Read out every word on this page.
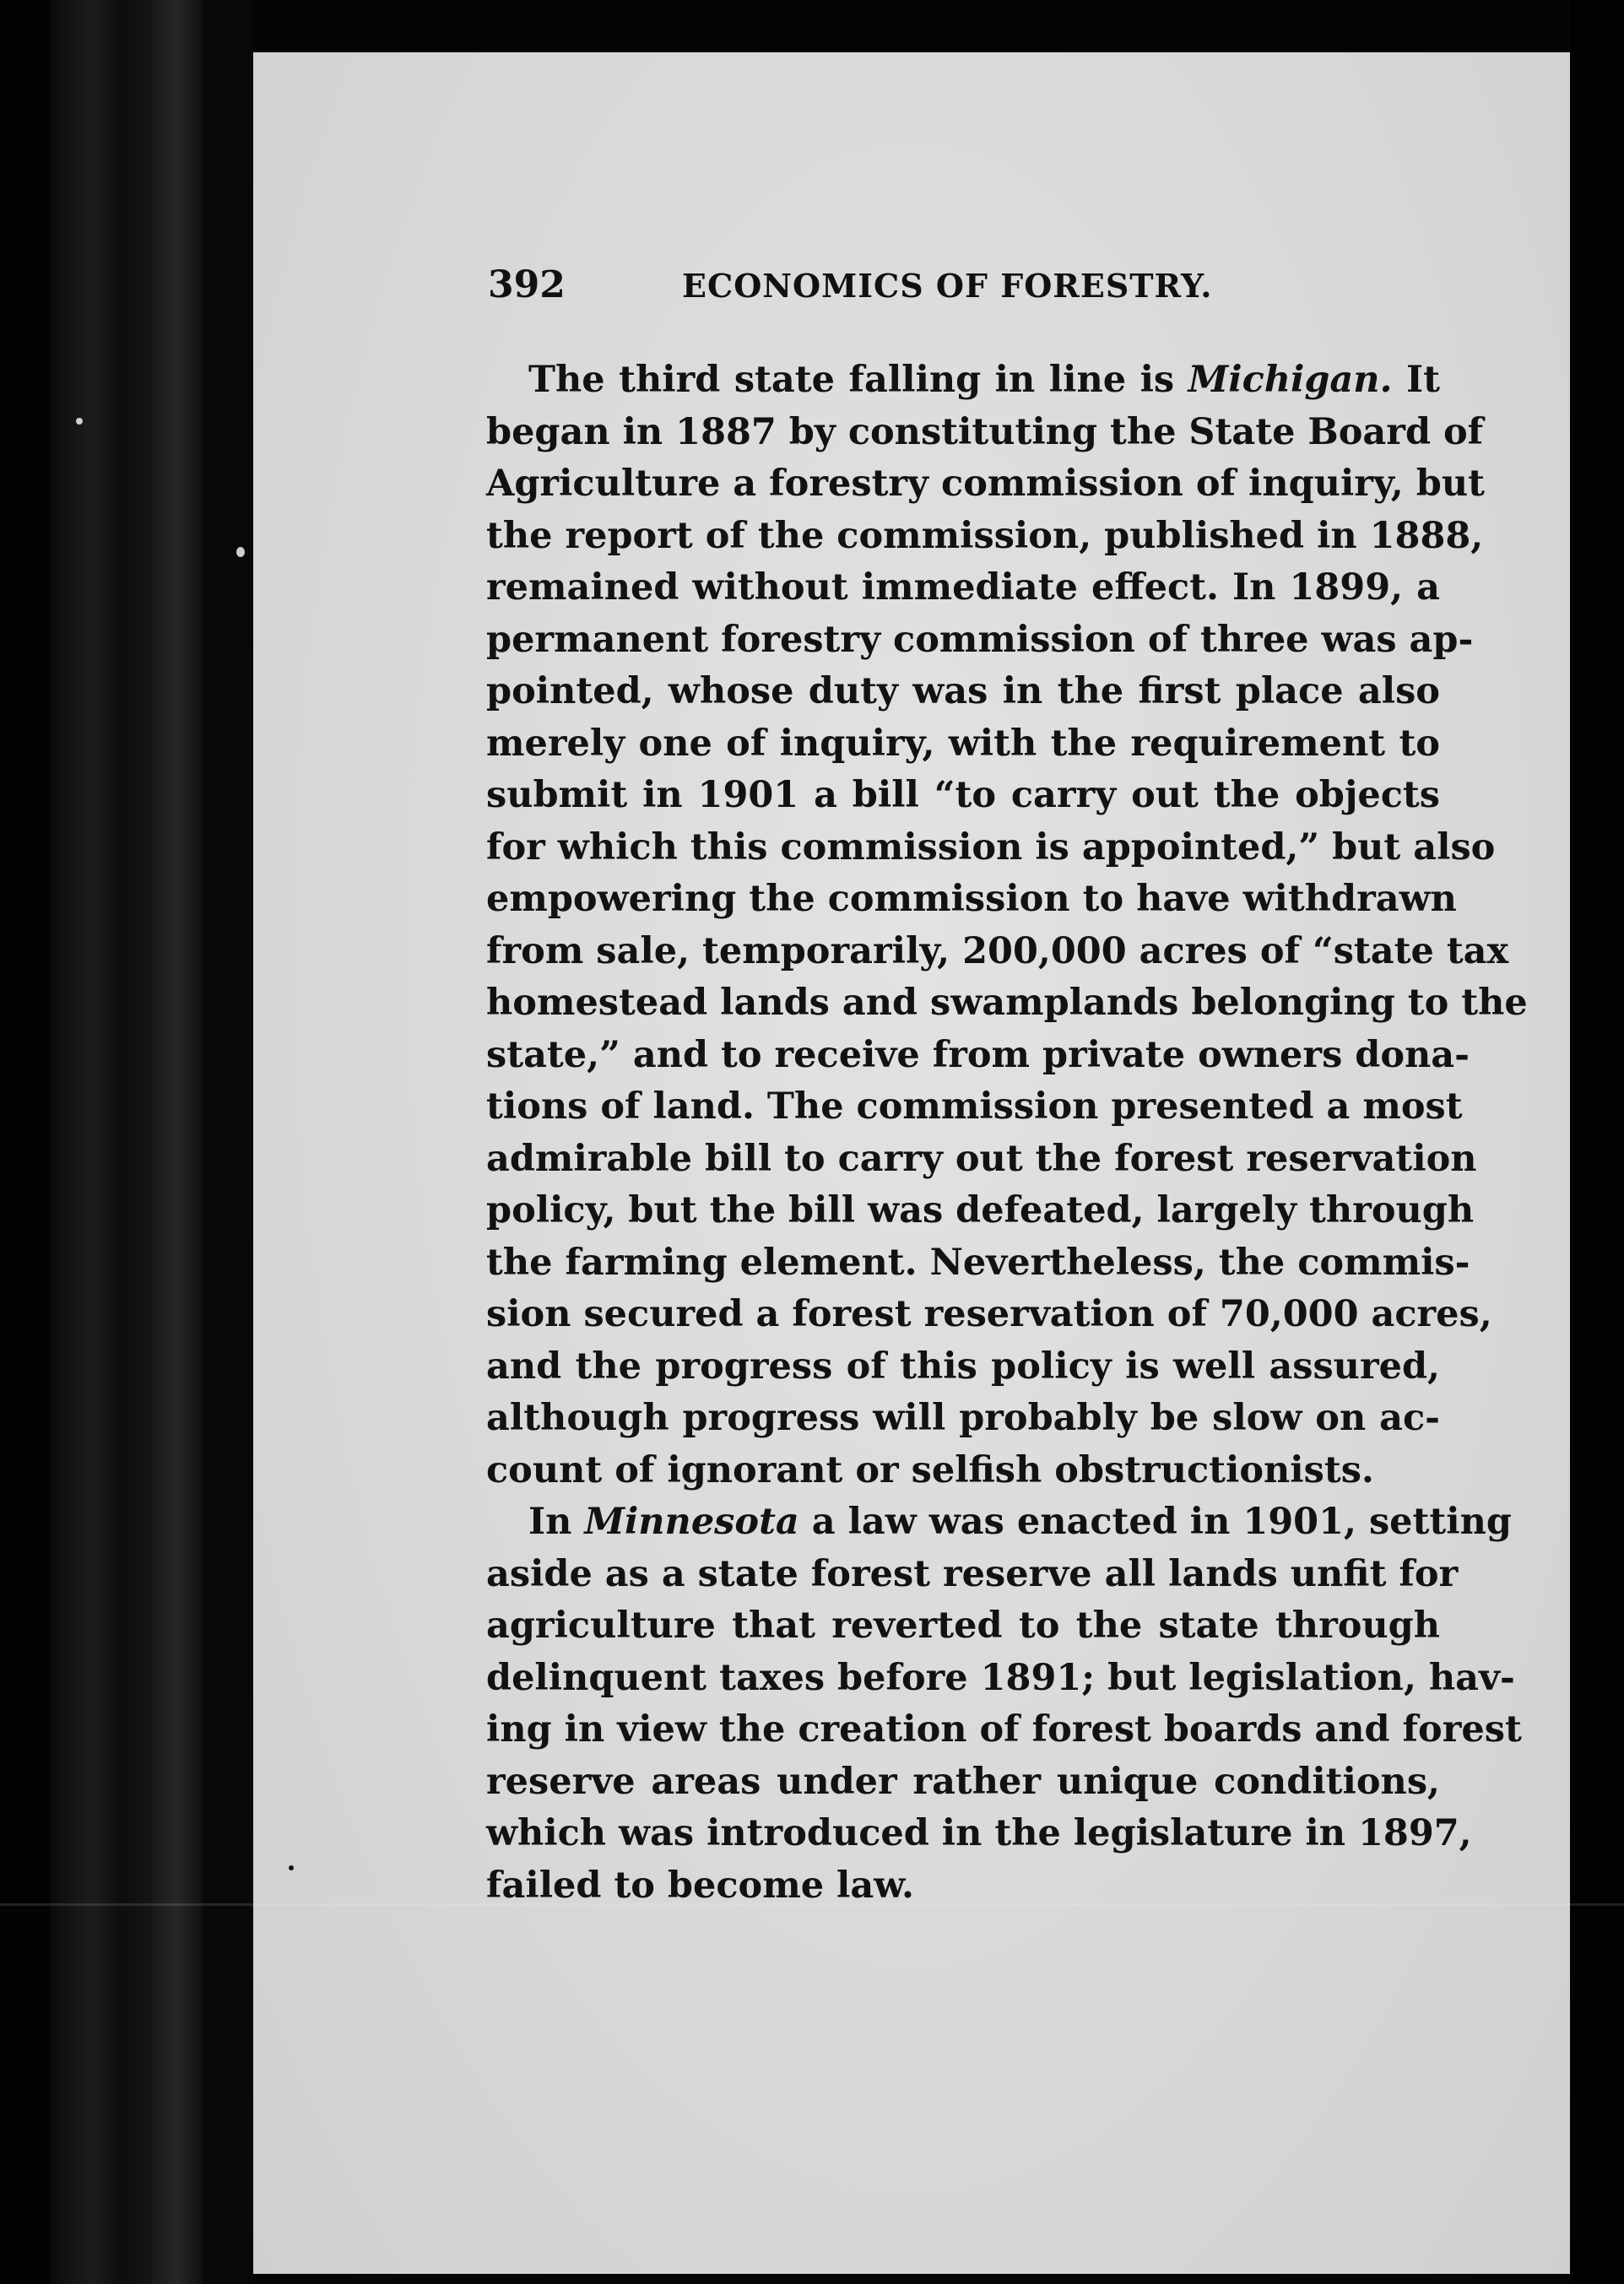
392	ECONOMICS OF FORESTRY.
The third state falling in line is Michigan. It
began in 1887 by constituting the State Board of
Agriculture a forestry commission of inquiry, but
the report of the commission, published in 1888,
remained without immediate effect. In 1899, a
permanent forestry commission of three was ap-
pointed, whose duty was in the first place also
merely one of inquiry, with the requirement to
submit in 1901 a bill “to carry out the objects
for which this commission is appointed,” but also
empowering the commission to have withdrawn
from sale, temporarily, 200,000 acres of “state tax
homestead lands and swamplands belonging to the
state,” and to receive from private owners dona-
tions of land. The commission presented a most
admirable bill to carry out the forest reservation
policy, but the bill was defeated, largely through
the farming element. Nevertheless, the commis-
sion secured a forest reservation of 70,000 acres,
and the progress of this policy is well assured,
although progress will probably be slow on ac-
count of ignorant or selfish obstructionists.
In Minnesota a law was enacted in 1901, setting
aside as a state forest reserve all lands unfit for
agriculture that reverted to the state through
delinquent taxes before 1891; but legislation, hav-
ing in view the creation of forest boards and forest
reserve areas under rather unique conditions,
which was introduced in the legislature in 1897,
failed to become law.
